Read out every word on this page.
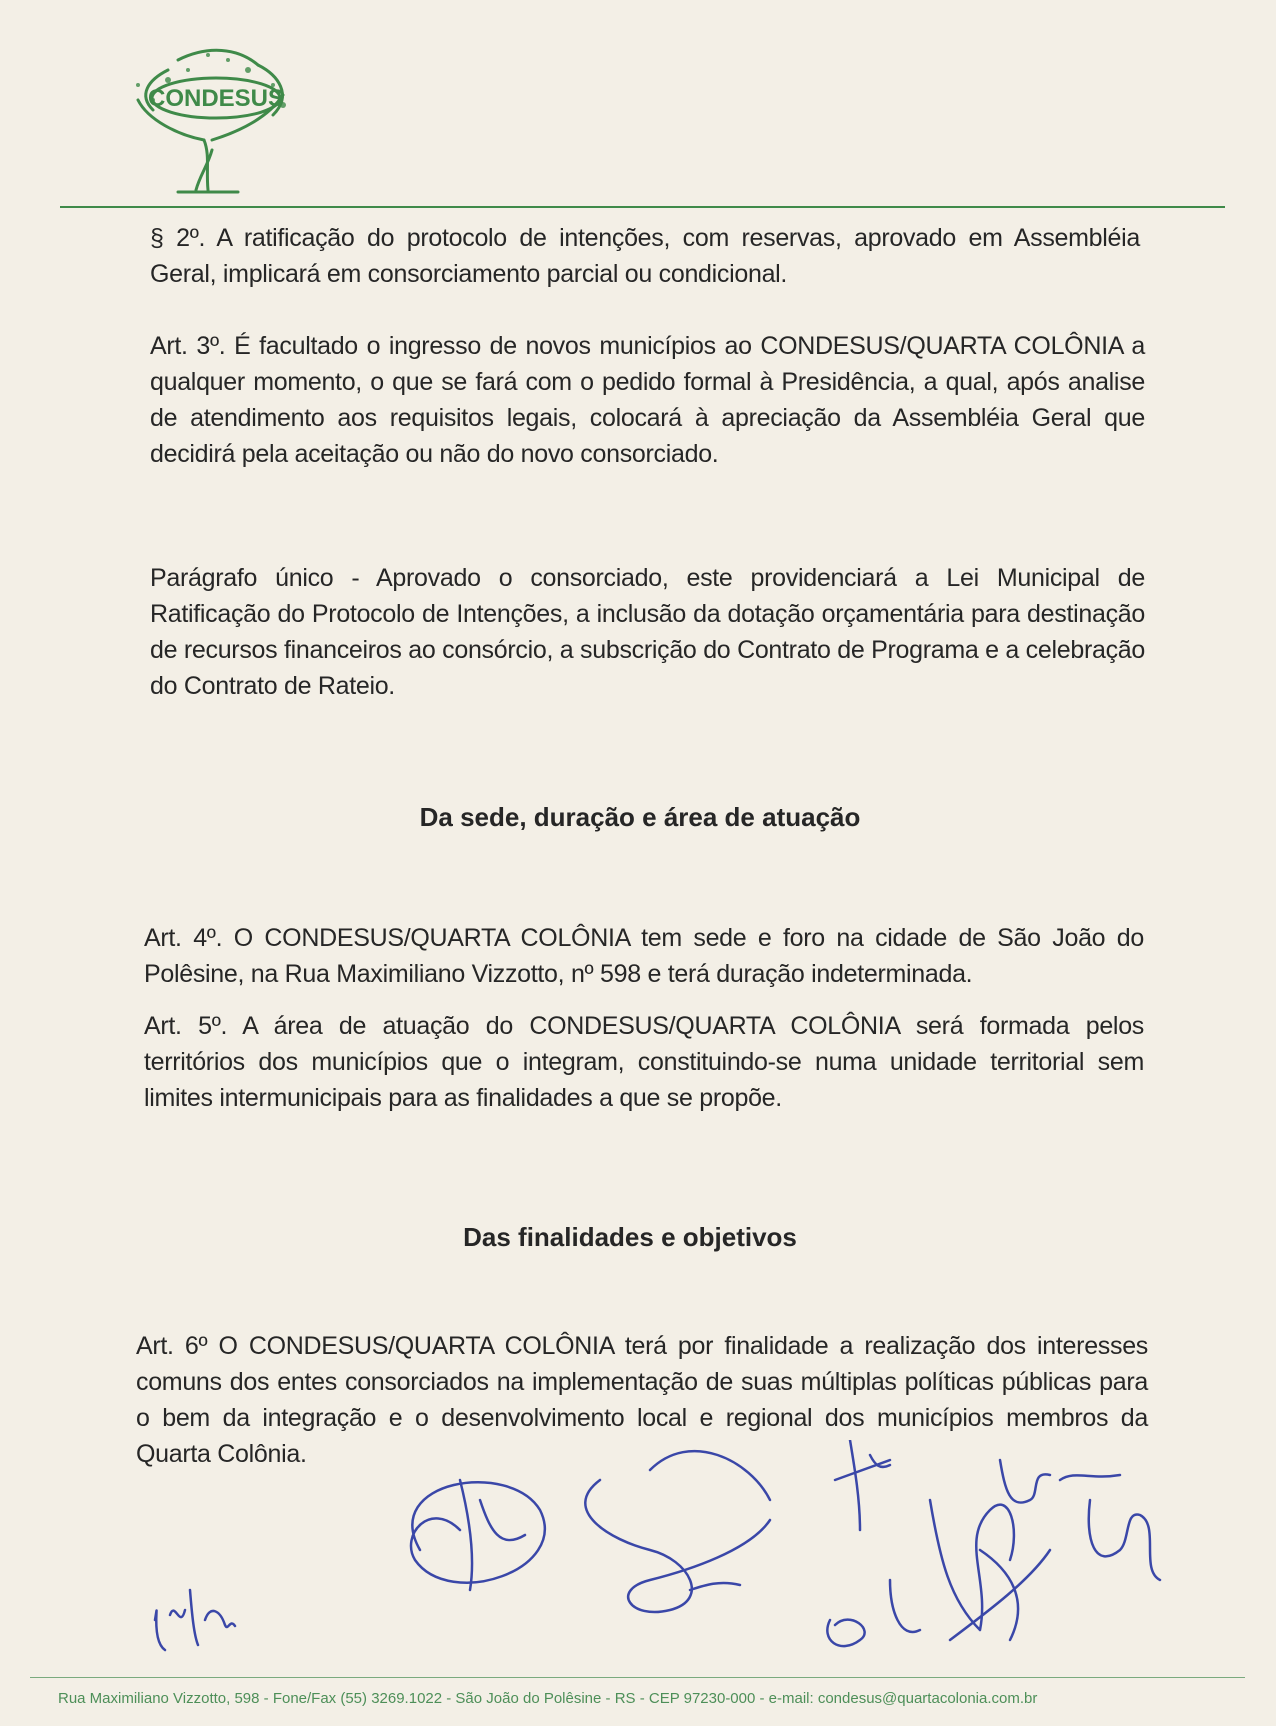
CONDESUS

§ 2º. A ratificação do protocolo de intenções, com reservas, aprovado em Assembléia Geral, implicará em consorciamento parcial ou condicional.

Art. 3º. É facultado o ingresso de novos municípios ao CONDESUS/QUARTA COLÔNIA a qualquer momento, o que se fará com o pedido formal à Presidência, a qual, após analise de atendimento aos requisitos legais, colocará à apreciação da Assembléia Geral que decidirá pela aceitação ou não do novo consorciado.

Parágrafo único - Aprovado o consorciado, este providenciará a Lei Municipal de Ratificação do Protocolo de Intenções, a inclusão da dotação orçamentária para destinação de recursos financeiros ao consórcio, a subscrição do Contrato de Programa e a celebração do Contrato de Rateio.

Da sede, duração e área de atuação

Art. 4º. O CONDESUS/QUARTA COLÔNIA tem sede e foro na cidade de São João do Polêsine, na Rua Maximiliano Vizzotto, nº 598 e terá duração indeterminada.

Art. 5º. A área de atuação do CONDESUS/QUARTA COLÔNIA será formada pelos territórios dos municípios que o integram, constituindo-se numa unidade territorial sem limites intermunicipais para as finalidades a que se propõe.

Das finalidades e objetivos

Art. 6º O CONDESUS/QUARTA COLÔNIA terá por finalidade a realização dos interesses comuns dos entes consorciados na implementação de suas múltiplas políticas públicas para o bem da integração e o desenvolvimento local e regional dos municípios membros da Quarta Colônia.

Rua Maximiliano Vizzotto, 598 - Fone/Fax (55) 3269.1022 - São João do Polêsine - RS - CEP 97230-000 - e-mail: condesus@quartacolonia.com.br
